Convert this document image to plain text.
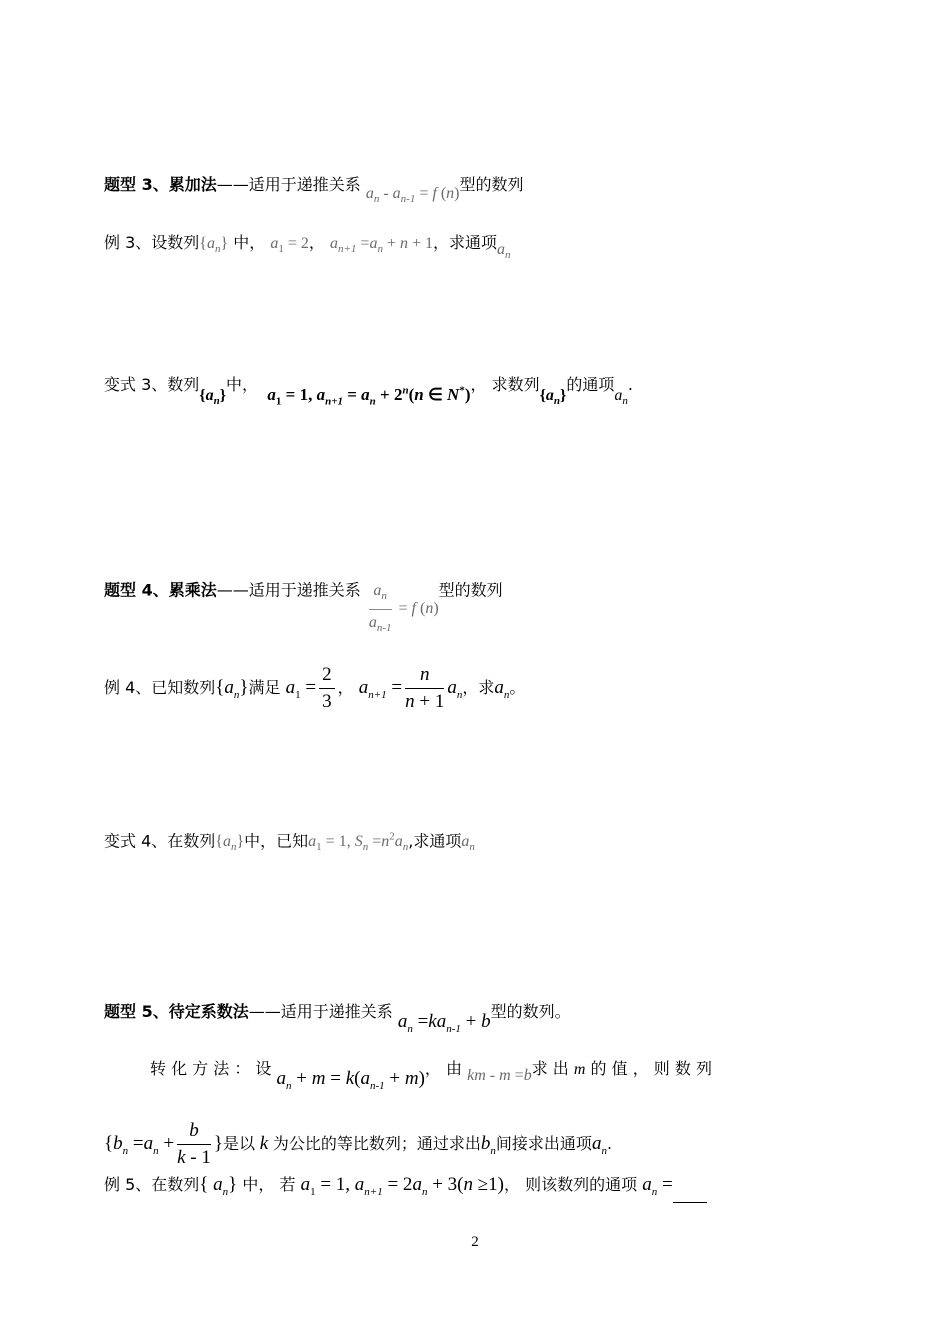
题型 3、累加法——适用于递推关系 $a_n - a_{n-1} = f$ (n)型的数列
例 3、设数列$\{a_n\}$ 中， $a_1 = 2$， $a_{n+1} =a_n + n + 1$，求通项$a_n$
变式 3、数列$\{a_n\}$中，  $a_1 = 1$, $a_{n+1} = a_n + 2^n(n$ ∈ N*)， 求数列$\{a_n\}$的通项$a_n$.
题型 4、累乘法——适用于递推关系 $\frac{a_n}{a_{n-1}} = f$ (n)型的数列
例 4、已知数列$\{a_n\}$满足 $a_1 = \frac{2}{3}$ ， $a_{n+1} = \frac{n}{n + 1} a_n$，求$a_n$。
变式 4、在数列$\{a_n\}$中，已知$a_1 = 1$, $S_n =n^2a_n$,求通项$a_n$
题型 5、待定系数法——适用于递推关系 $a_n =ka_{n-1} + b$型的数列。
转 化 方 法 ： 设 $a_n + m = k(a_{n-1} + m)$， 由 km - m =b求 出 m 的 值 ， 则 数 列
{$b_n =a_n + \frac{b}{k - 1}$ }是以 k 为公比的等比数列；通过求出$b_n$间接求出通项$a_n$.
例 5、在数列{ $a_n$} 中， 若 $a_1 = 1$, $a_{n+1} = 2a_n + 3(n \ge 1)$， 则该数列的通项 $a_n$ =
2
